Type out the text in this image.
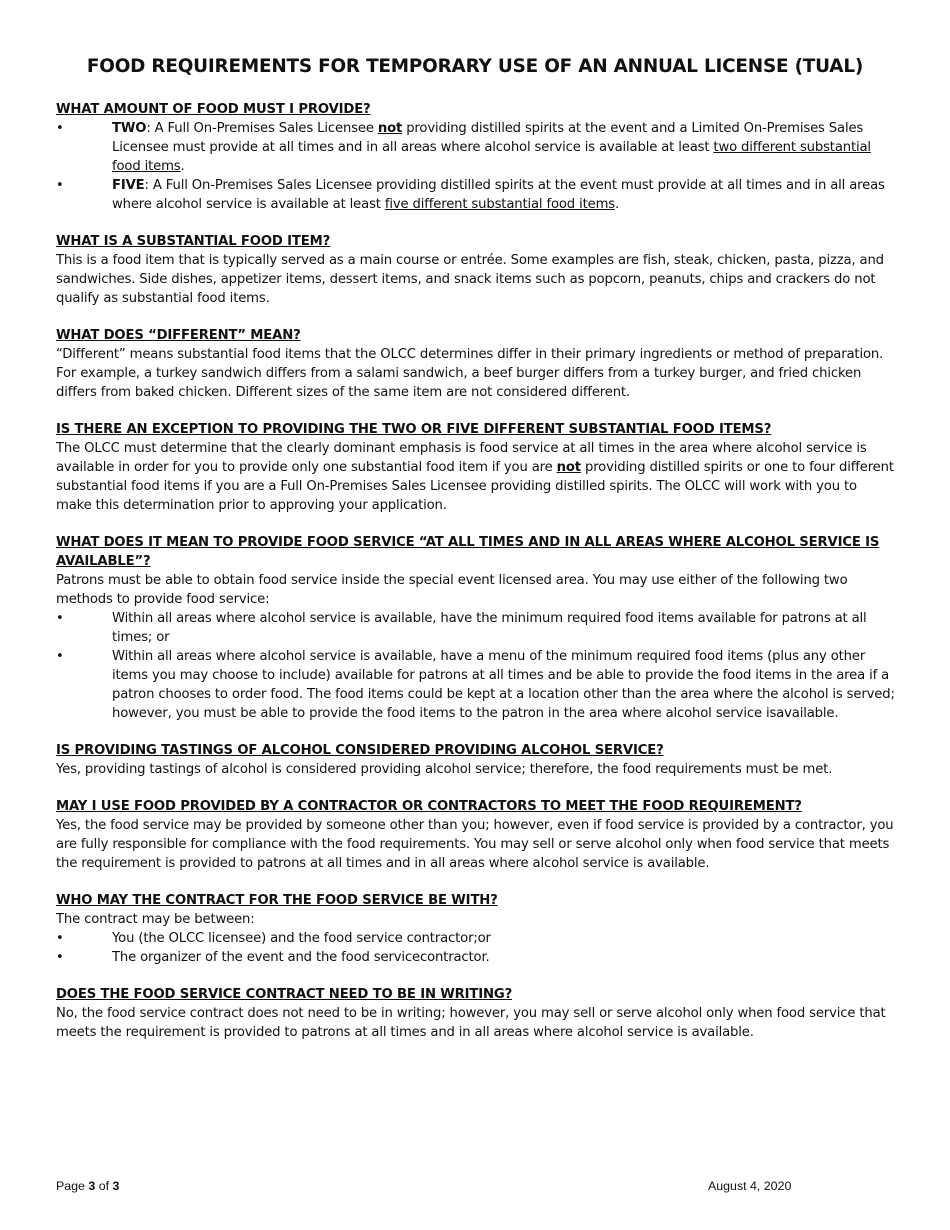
FOOD REQUIREMENTS FOR TEMPORARY USE OF AN ANNUAL LICENSE (TUAL)

WHAT AMOUNT OF FOOD MUST I PROVIDE?

•	TWO: A Full On-Premises Sales Licensee not providing distilled spirits at the event and a Limited On-Premises Sales Licensee must provide at all times and in all areas where alcohol service is available at least two different substantial food items.
•	FIVE: A Full On-Premises Sales Licensee providing distilled spirits at the event must provide at all times and in all areas where alcohol service is available at least five different substantial food items.

WHAT IS A SUBSTANTIAL FOOD ITEM?

This is a food item that is typically served as a main course or entrée. Some examples are fish, steak, chicken, pasta, pizza, and sandwiches. Side dishes, appetizer items, dessert items, and snack items such as popcorn, peanuts, chips and crackers do not qualify as substantial food items.

WHAT DOES “DIFFERENT” MEAN?

“Different” means substantial food items that the OLCC determines differ in their primary ingredients or method of preparation. For example, a turkey sandwich differs from a salami sandwich, a beef burger differs from a turkey burger, and fried chicken differs from baked chicken. Different sizes of the same item are not considered different.

IS THERE AN EXCEPTION TO PROVIDING THE TWO OR FIVE DIFFERENT SUBSTANTIAL FOOD ITEMS?

The OLCC must determine that the clearly dominant emphasis is food service at all times in the area where alcohol service is available in order for you to provide only one substantial food item if you are not providing distilled spirits or one to four different substantial food items if you are a Full On-Premises Sales Licensee providing distilled spirits. The OLCC will work with you to make this determination prior to approving your application.

WHAT DOES IT MEAN TO PROVIDE FOOD SERVICE “AT ALL TIMES AND IN ALL AREAS WHERE ALCOHOL SERVICE IS AVAILABLE”?

Patrons must be able to obtain food service inside the special event licensed area. You may use either of the following two methods to provide food service:

•	Within all areas where alcohol service is available, have the minimum required food items available for patrons at all times; or
•	Within all areas where alcohol service is available, have a menu of the minimum required food items (plus any other items you may choose to include) available for patrons at all times and be able to provide the food items in the area if a patron chooses to order food. The food items could be kept at a location other than the area where the alcohol is served; however, you must be able to provide the food items to the patron in the area where alcohol service isavailable.

IS PROVIDING TASTINGS OF ALCOHOL CONSIDERED PROVIDING ALCOHOL SERVICE?

Yes, providing tastings of alcohol is considered providing alcohol service; therefore, the food requirements must be met.

MAY I USE FOOD PROVIDED BY A CONTRACTOR OR CONTRACTORS TO MEET THE FOOD REQUIREMENT?

Yes, the food service may be provided by someone other than you; however, even if food service is provided by a contractor, you are fully responsible for compliance with the food requirements. You may sell or serve alcohol only when food service that meets the requirement is provided to patrons at all times and in all areas where alcohol service is available.

WHO MAY THE CONTRACT FOR THE FOOD SERVICE BE WITH?

The contract may be between:

•	You (the OLCC licensee) and the food service contractor;or
•	The organizer of the event and the food servicecontractor.

DOES THE FOOD SERVICE CONTRACT NEED TO BE IN WRITING?

No, the food service contract does not need to be in writing; however, you may sell or serve alcohol only when food service that meets the requirement is provided to patrons at all times and in all areas where alcohol service is available.

Page 3 of 3	August 4, 2020
